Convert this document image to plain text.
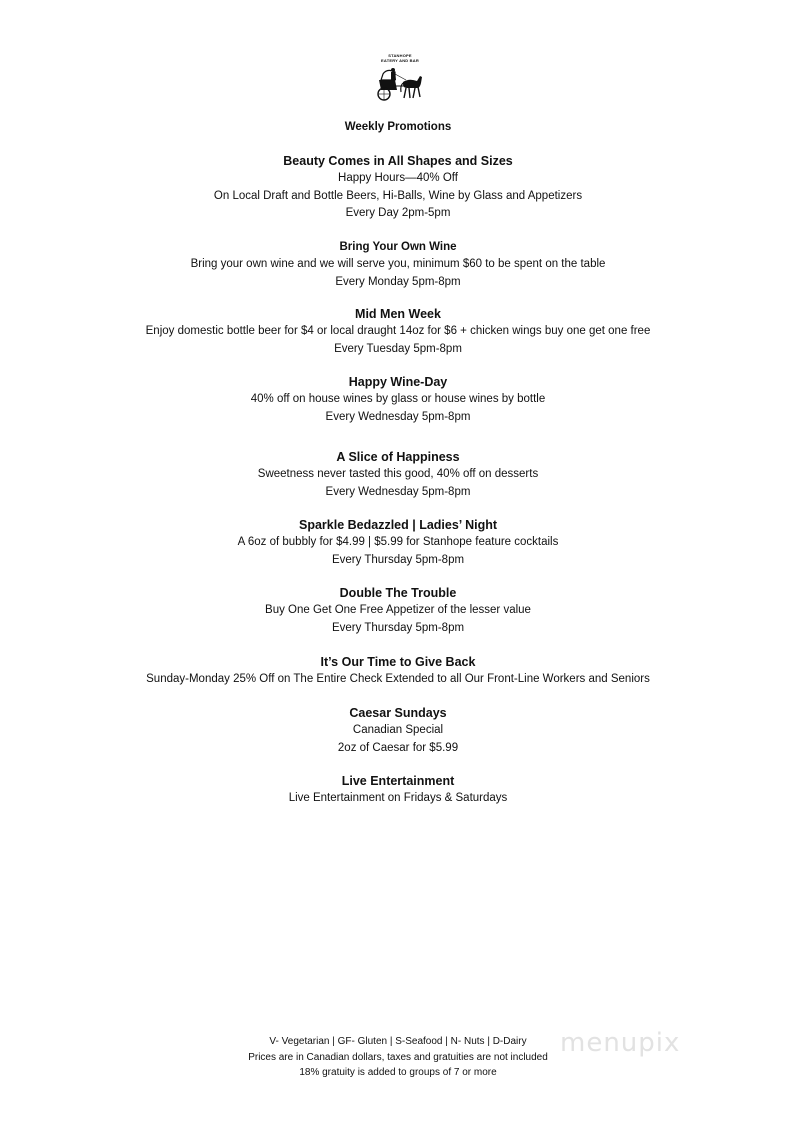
STANHOPE
EATERY AND BAR
Weekly Promotions
Beauty Comes in All Shapes and Sizes
Happy Hours—40% Off
On Local Draft and Bottle Beers, Hi-Balls, Wine by Glass and Appetizers
Every Day 2pm-5pm
Bring Your Own Wine
Bring your own wine and we will serve you, minimum $60 to be spent on the table
Every Monday 5pm-8pm
Mid Men Week
Enjoy domestic bottle beer for $4 or local draught 14oz for $6 + chicken wings buy one get one free
Every Tuesday 5pm-8pm
Happy Wine-Day
40% off on house wines by glass or house wines by bottle
Every Wednesday 5pm-8pm
A Slice of Happiness
Sweetness never tasted this good, 40% off on desserts
Every Wednesday 5pm-8pm
Sparkle Bedazzled | Ladies’ Night
A 6oz of bubbly for $4.99 | $5.99 for Stanhope feature cocktails
Every Thursday 5pm-8pm
Double The Trouble
Buy One Get One Free Appetizer of the lesser value
Every Thursday 5pm-8pm
It’s Our Time to Give Back
Sunday-Monday 25% Off on The Entire Check Extended to all Our Front-Line Workers and Seniors
Caesar Sundays
Canadian Special
2oz of Caesar for $5.99
Live Entertainment
Live Entertainment on Fridays & Saturdays
menupix
V- Vegetarian | GF- Gluten | S-Seafood | N- Nuts | D-Dairy
Prices are in Canadian dollars, taxes and gratuities are not included
18% gratuity is added to groups of 7 or more
